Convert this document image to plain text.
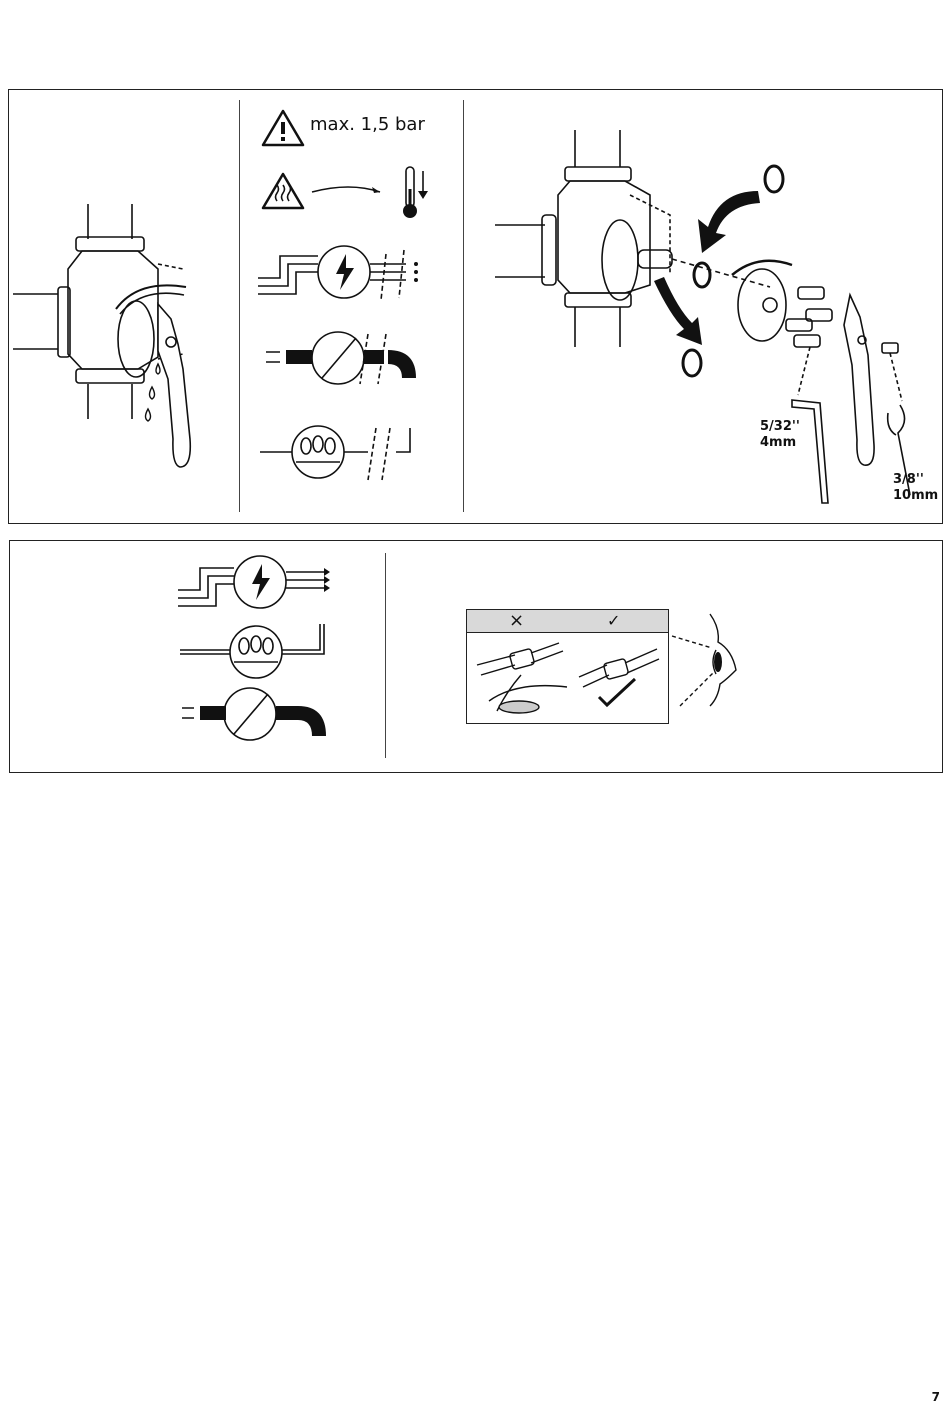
max. 1,5 bar
5/32''
4mm
3/8''
10mm
×	✓
7
